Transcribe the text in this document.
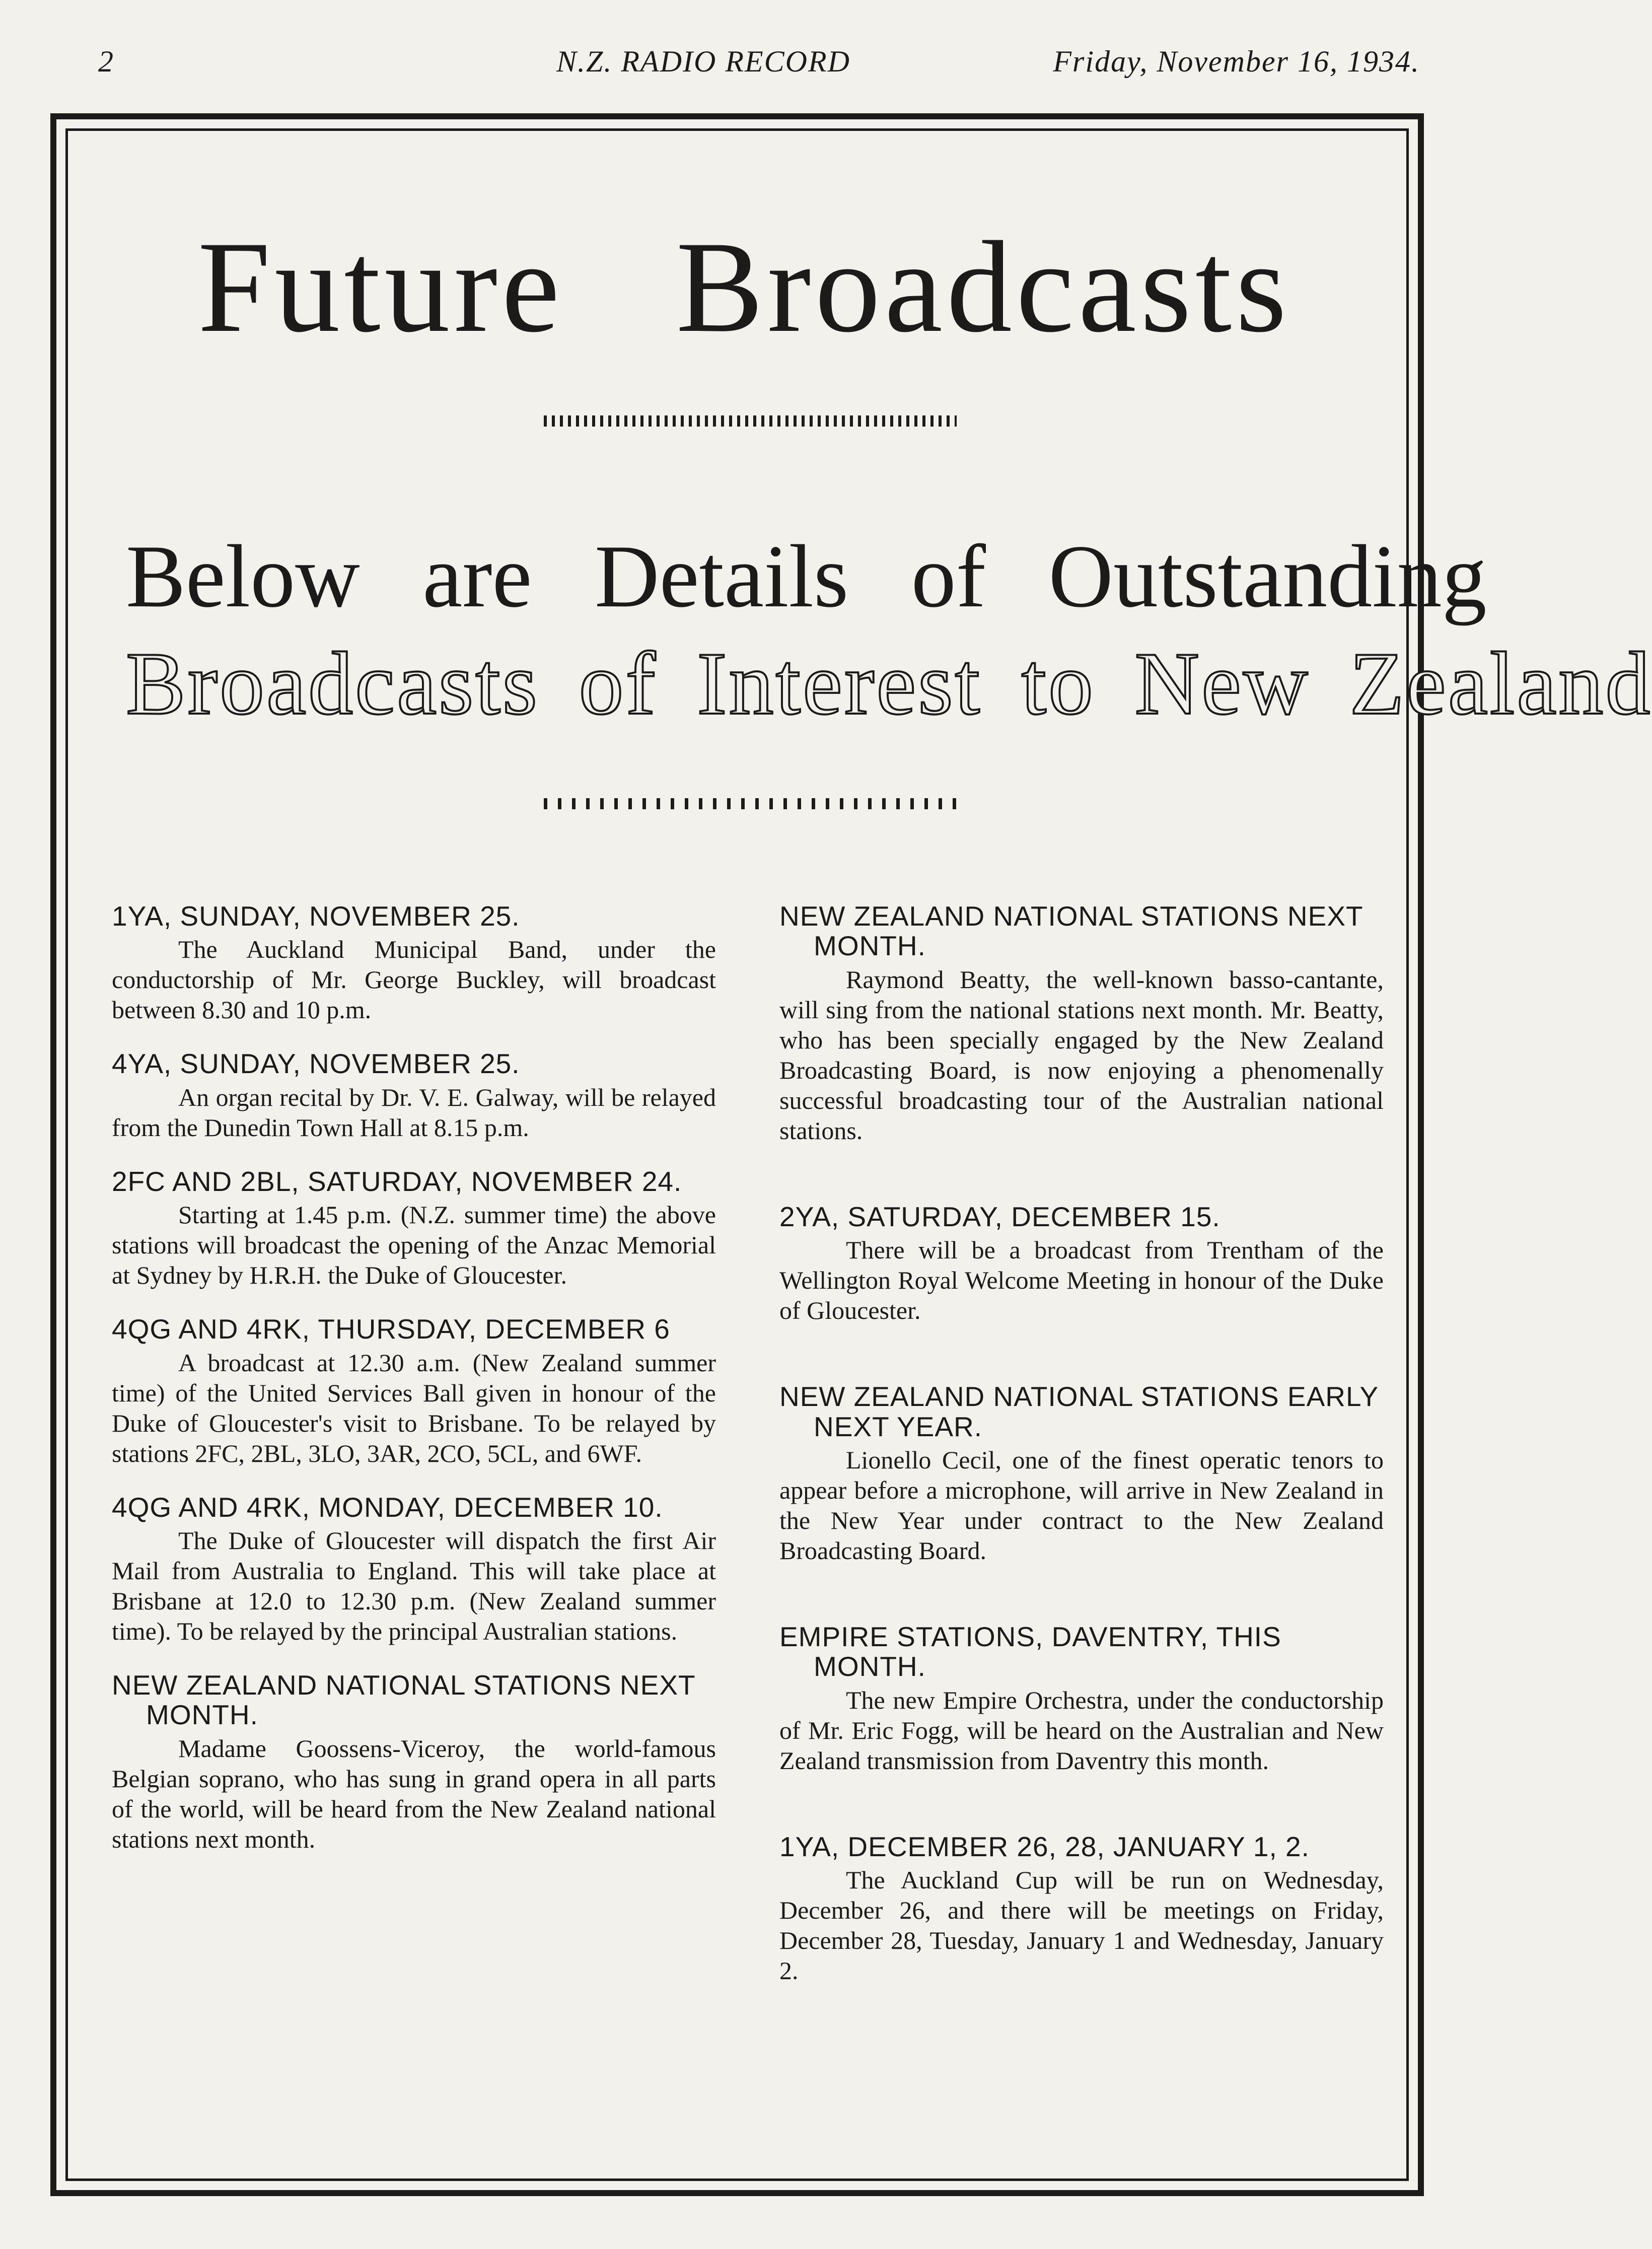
2	N.Z. RADIO RECORD	Friday, November 16, 1934.
Future Broadcasts
Below are Details of Outstanding
Broadcasts of Interest to New Zealand
1YA, SUNDAY, NOVEMBER 25.
The Auckland Municipal Band, under the conductorship of Mr. George Buckley, will broadcast between 8.30 and 10 p.m.
4YA, SUNDAY, NOVEMBER 25.
An organ recital by Dr. V. E. Galway, will be relayed from the Dunedin Town Hall at 8.15 p.m.
2FC AND 2BL, SATURDAY, NOVEMBER 24.
Starting at 1.45 p.m. (N.Z. summer time) the above stations will broadcast the opening of the Anzac Memorial at Sydney by H.R.H. the Duke of Gloucester.
4QG AND 4RK, THURSDAY, DECEMBER 6
A broadcast at 12.30 a.m. (New Zealand summer time) of the United Services Ball given in honour of the Duke of Gloucester's visit to Brisbane. To be relayed by stations 2FC, 2BL, 3LO, 3AR, 2CO, 5CL, and 6WF.
4QG AND 4RK, MONDAY, DECEMBER 10.
The Duke of Gloucester will dispatch the first Air Mail from Australia to England. This will take place at Brisbane at 12.0 to 12.30 p.m. (New Zealand summer time). To be relayed by the principal Australian stations.
NEW ZEALAND NATIONAL STATIONS NEXT MONTH.
Madame Goossens-Viceroy, the world-famous Belgian soprano, who has sung in grand opera in all parts of the world, will be heard from the New Zealand national stations next month.
NEW ZEALAND NATIONAL STATIONS NEXT MONTH.
Raymond Beatty, the well-known basso-cantante, will sing from the national stations next month. Mr. Beatty, who has been specially engaged by the New Zealand Broadcasting Board, is now enjoying a phenomenally successful broadcasting tour of the Australian national stations.
2YA, SATURDAY, DECEMBER 15.
There will be a broadcast from Trentham of the Wellington Royal Welcome Meeting in honour of the Duke of Gloucester.
NEW ZEALAND NATIONAL STATIONS EARLY NEXT YEAR.
Lionello Cecil, one of the finest operatic tenors to appear before a microphone, will arrive in New Zealand in the New Year under contract to the New Zealand Broadcasting Board.
EMPIRE STATIONS, DAVENTRY, THIS MONTH.
The new Empire Orchestra, under the conductorship of Mr. Eric Fogg, will be heard on the Australian and New Zealand transmission from Daventry this month.
1YA, DECEMBER 26, 28, JANUARY 1, 2.
The Auckland Cup will be run on Wednesday, December 26, and there will be meetings on Friday, December 28, Tuesday, January 1 and Wednesday, January 2.
